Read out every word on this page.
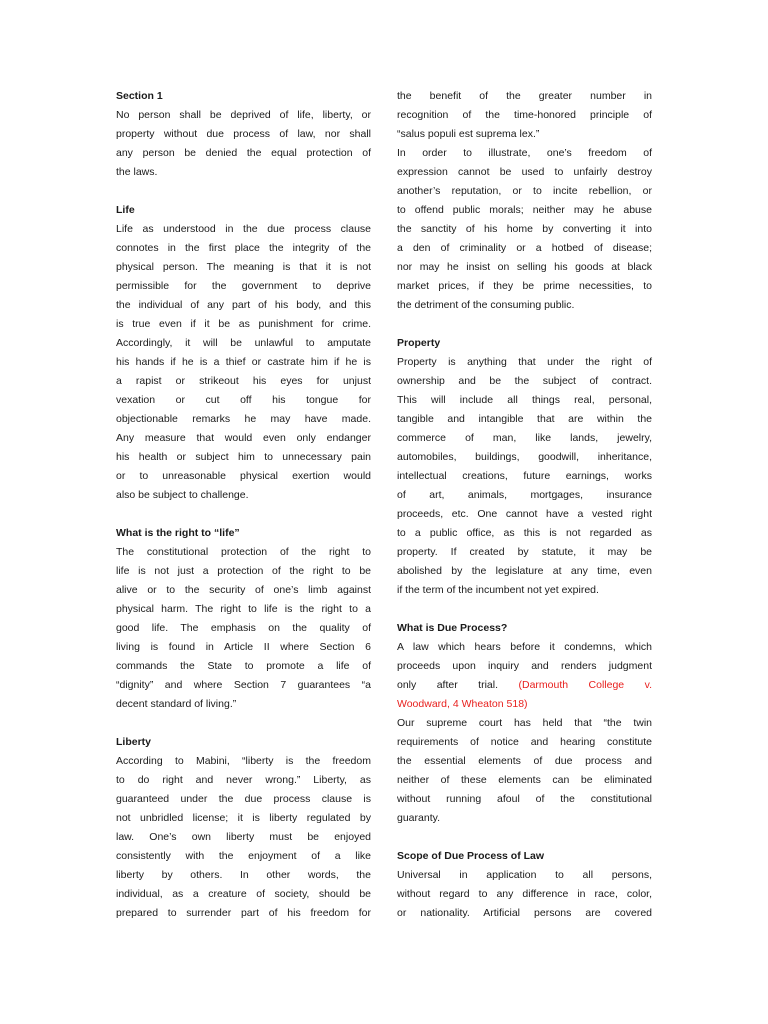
Section 1
No person shall be deprived of life, liberty, or
property without due process of law, nor shall
any person be denied the equal protection of
the laws.
Life
Life as understood in the due process clause
connotes in the first place the integrity of the
physical person. The meaning is that it is not
permissible for the government to deprive
the individual of any part of his body, and this
is true even if it be as punishment for crime.
Accordingly, it will be unlawful to amputate
his hands if he is a thief or castrate him if he is
a rapist or strikeout his eyes for unjust
vexation or cut off his tongue for
objectionable remarks he may have made.
Any measure that would even only endanger
his health or subject him to unnecessary pain
or to unreasonable physical exertion would
also be subject to challenge.
What is the right to “life”
The constitutional protection of the right to
life is not just a protection of the right to be
alive or to the security of one’s limb against
physical harm. The right to life is the right to a
good life. The emphasis on the quality of
living is found in Article II where Section 6
commands the State to promote a life of
“dignity” and where Section 7 guarantees “a
decent standard of living.”
Liberty
According to Mabini, “liberty is the freedom
to do right and never wrong.” Liberty, as
guaranteed under the due process clause is
not unbridled license; it is liberty regulated by
law. One’s own liberty must be enjoyed
consistently with the enjoyment of a like
liberty by others. In other words, the
individual, as a creature of society, should be
prepared to surrender part of his freedom for
the benefit of the greater number in
recognition of the time-honored principle of
“salus populi est suprema lex.”
In order to illustrate, one’s freedom of
expression cannot be used to unfairly destroy
another’s reputation, or to incite rebellion, or
to offend public morals; neither may he abuse
the sanctity of his home by converting it into
a den of criminality or a hotbed of disease;
nor may he insist on selling his goods at black
market prices, if they be prime necessities, to
the detriment of the consuming public.
Property
Property is anything that under the right of
ownership and be the subject of contract.
This will include all things real, personal,
tangible and intangible that are within the
commerce of man, like lands, jewelry,
automobiles, buildings, goodwill, inheritance,
intellectual creations, future earnings, works
of art, animals, mortgages, insurance
proceeds, etc. One cannot have a vested right
to a public office, as this is not regarded as
property. If created by statute, it may be
abolished by the legislature at any time, even
if the term of the incumbent not yet expired.
What is Due Process?
A law which hears before it condemns, which
proceeds upon inquiry and renders judgment
only after trial. (Darmouth College v.
Woodward, 4 Wheaton 518)
Our supreme court has held that “the twin
requirements of notice and hearing constitute
the essential elements of due process and
neither of these elements can be eliminated
without running afoul of the constitutional
guaranty.
Scope of Due Process of Law
Universal in application to all persons,
without regard to any difference in race, color,
or nationality. Artificial persons are covered
